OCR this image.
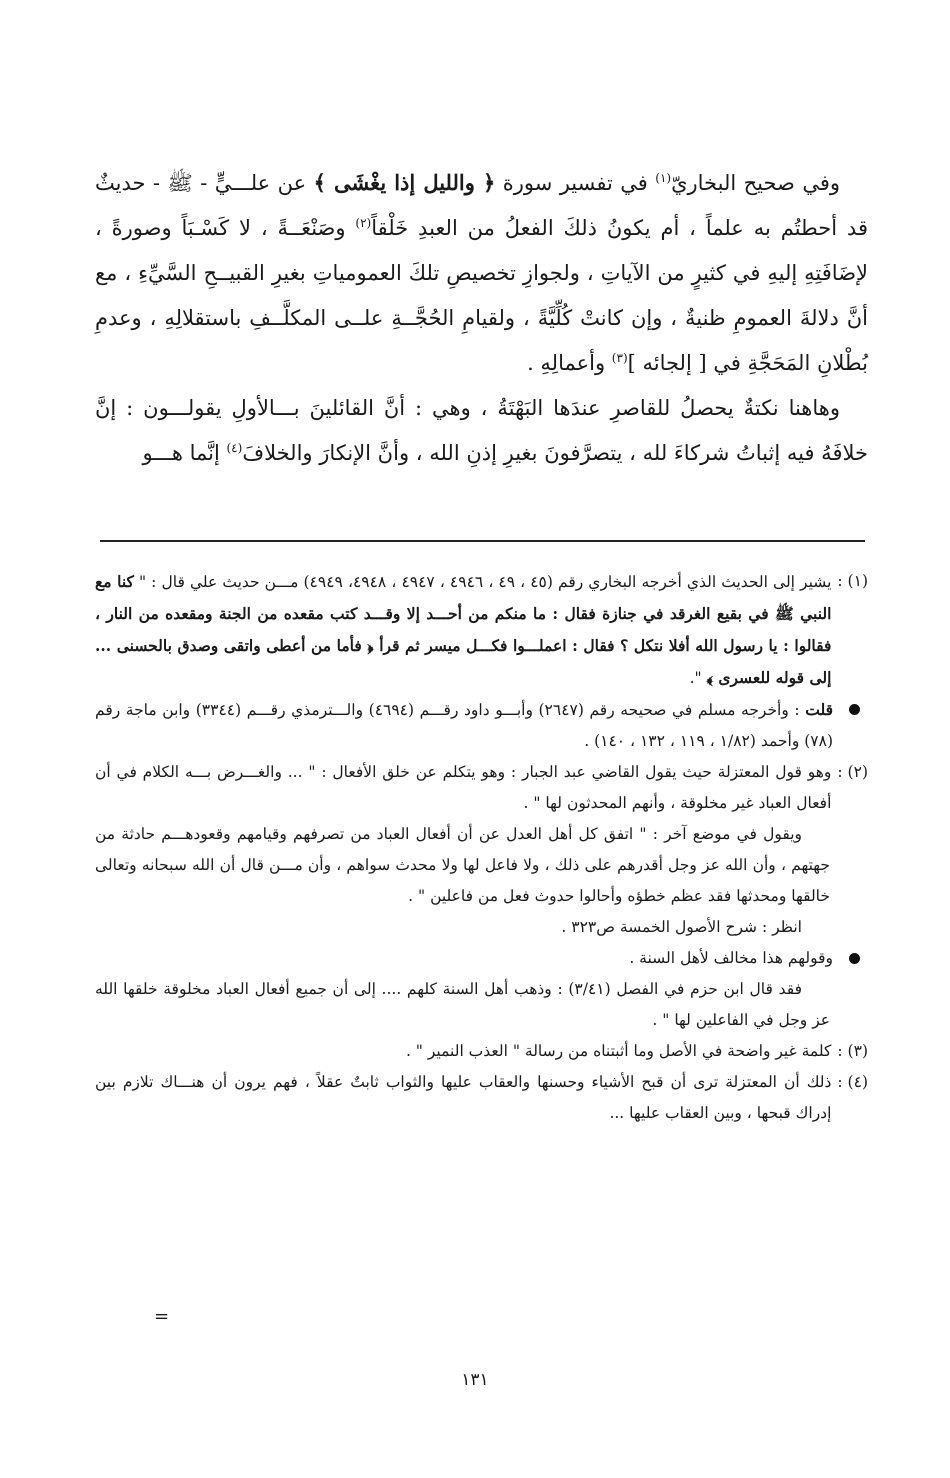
وفي صحيح البخاريّ$^{(١)}$ في تفسير سورة ﴿ والليل إذا يغْشَى ﴾ عن علـــيٍّ - ﷺ - حديثٌ قد أحطتُم به علماً ، أم يكونُ ذلكَ الفعلُ من العبدِ خَلْقاً$^{(٢)}$ وصَنْعَــةً ، لا كَسْـبَاً وصورةً ، لإضَافَتِهِ إليهِ في كثيرٍ من الآياتِ ، ولجوازِ تخصيصِ تلكَ العمومياتِ بغيرِ القبيــحِ السَّيِّءِ ، مع أنَّ دلالةَ العمومِ ظنيةٌ ، وإن كانتْ كُلِّيَّةً ، ولقيامِ الحُجَّــةِ علــى المكلَّــفِ باستقلالِهِ ، وعدمِ بُطْلانِ المَحَجَّةِ في [ إلجائه ]$^{(٣)}$ وأعمالِهِ .

وهاهنا نكتةٌ يحصلُ للقاصرِ عندَها البَهْتَةُ ، وهي : أنَّ القائلينَ بـــالأولِ يقولـــون : إنَّ خلافَهُ فيه إثباتُ شركاءَ لله ، يتصرَّفونَ بغيرِ إذنِ الله ، وأنَّ الإنكارَ والخلافَ$^{(٤)}$ إنَّما هـــو

(١) :
يشير إلى الحديث الذي أخرجه البخاري رقم (٤٥ ، ٤٩ ، ٤٩٤٦ ، ٤٩٤٧ ، ٤٩٤٨، ٤٩٤٩) مـــن حديث علي قال : " كنا مع النبي ﷺ في بقيع الغرقد في جنازة فقال : ما منكم من أحـــد إلا وقـــد كتب مقعده من الجنة ومقعده من النار ، فقالوا : يا رسول الله أفلا نتكل ؟ فقال : اعملـــوا فكـــل ميسر ثم قرأ ﴿ فأما من أعطى واتقى وصدق بالحسنى ... إلى قوله للعسرى ﴾ ".
قلت : وأخرجه مسلم في صحيحه رقم (٢٦٤٧) وأبـــو داود رقـــم (٤٦٩٤) والـــترمذي رقـــم (٣٣٤٤) وابن ماجة رقم (٧٨) وأحمد (١/٨٢ ، ١١٩ ، ١٣٢ ، ١٤٠) .
(٢) :
وهو قول المعتزلة حيث يقول القاضي عبد الجبار : وهو يتكلم عن خلق الأفعال : " ... والغـــرض بـــه الكلام في أن أفعال العباد غير مخلوقة ، وأنهم المحدثون لها " .

ويقول في موضع آخر : " اتفق كل أهل العدل عن أن أفعال العباد من تصرفهم وقيامهم وقعودهـــم حادثة من جهتهم ، وأن الله عز وجل أقدرهم على ذلك ، ولا فاعل لها ولا محدث سواهم ، وأن مـــن قال أن الله سبحانه وتعالى خالقها ومحدثها فقد عظم خطؤه وأحالوا حدوث فعل من فاعلين " .

انظر : شرح الأصول الخمسة ص٣٢٣ .

وقولهم هذا مخالف لأهل السنة .

فقد قال ابن حزم في الفصل (٣/٤١) : وذهب أهل السنة كلهم .... إلى أن جميع أفعال العباد مخلوقة خلقها الله عز وجل في الفاعلين لها " .

(٣) :
كلمة غير واضحة في الأصل وما أثبتناه من رسالة " العذب النمير " .
(٤) :
ذلك أن المعتزلة ترى أن قبح الأشياء وحسنها والعقاب عليها والثواب ثابتٌ عقلاً ، فهم يرون أن هنـــاك تلازم بين إدراك قبحها ، وبين العقاب عليها ...
=
١٣١
